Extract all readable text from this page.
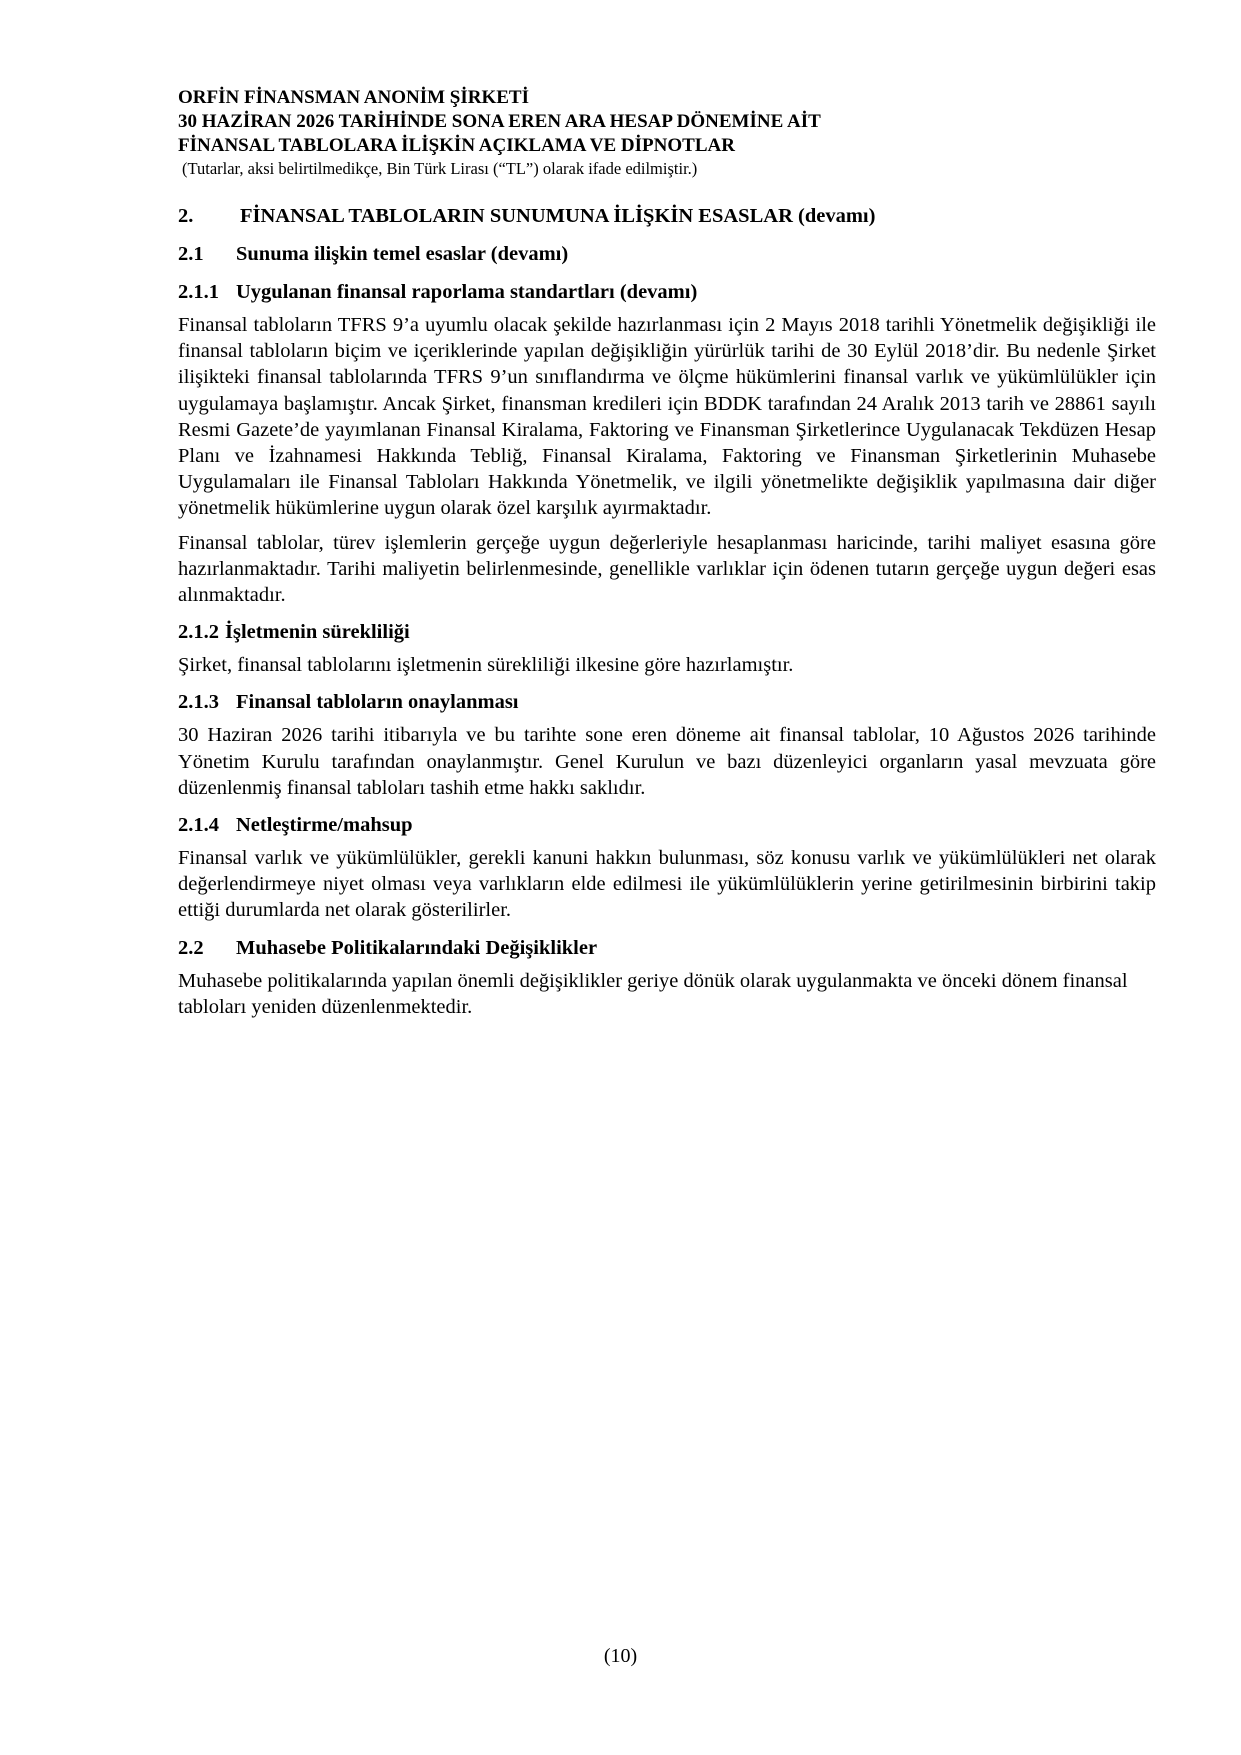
ORFİN FİNANSMAN ANONİM ŞİRKETİ

30 HAZİRAN 2026 TARİHİNDE SONA EREN ARA HESAP DÖNEMİNE AİT

FİNANSAL TABLOLARA İLİŞKİN AÇIKLAMA VE DİPNOTLAR

(Tutarlar, aksi belirtilmedikçe, Bin Türk Lirası (“TL”) olarak ifade edilmiştir.)

2.	FİNANSAL TABLOLARIN SUNUMUNA İLİŞKİN ESASLAR (devamı)
2.1	Sunuma ilişkin temel esaslar (devamı)
2.1.1 Uygulanan finansal raporlama standartları (devamı)

Finansal tabloların TFRS 9’a uyumlu olacak şekilde hazırlanması için 2 Mayıs 2018 tarihli Yönetmelik değişikliği ile finansal tabloların biçim ve içeriklerinde yapılan değişikliğin yürürlük tarihi de 30 Eylül 2018’dir. Bu nedenle Şirket ilişikteki finansal tablolarında TFRS 9’un sınıflandırma ve ölçme hükümlerini finansal varlık ve yükümlülükler için uygulamaya başlamıştır. Ancak Şirket, finansman kredileri için BDDK tarafından 24 Aralık 2013 tarih ve 28861 sayılı Resmi Gazete’de yayımlanan Finansal Kiralama, Faktoring ve Finansman Şirketlerince Uygulanacak Tekdüzen Hesap Planı ve İzahnamesi Hakkında Tebliğ, Finansal Kiralama, Faktoring ve Finansman Şirketlerinin Muhasebe Uygulamaları ile Finansal Tabloları Hakkında Yönetmelik, ve ilgili yönetmelikte değişiklik yapılmasına dair diğer yönetmelik hükümlerine uygun olarak özel karşılık ayırmaktadır.

Finansal tablolar, türev işlemlerin gerçeğe uygun değerleriyle hesaplanması haricinde, tarihi maliyet esasına göre hazırlanmaktadır. Tarihi maliyetin belirlenmesinde, genellikle varlıklar için ödenen tutarın gerçeğe uygun değeri esas alınmaktadır.

2.1.2 İşletmenin sürekliliği

Şirket, finansal tablolarını işletmenin sürekliliği ilkesine göre hazırlamıştır.

2.1.3 Finansal tabloların onaylanması

30 Haziran 2026 tarihi itibarıyla ve bu tarihte sone eren döneme ait finansal tablolar, 10 Ağustos 2026 tarihinde Yönetim Kurulu tarafından onaylanmıştır. Genel Kurulun ve bazı düzenleyici organların yasal mevzuata göre düzenlenmiş finansal tabloları tashih etme hakkı saklıdır.

2.1.4 Netleştirme/mahsup

Finansal varlık ve yükümlülükler, gerekli kanuni hakkın bulunması, söz konusu varlık ve yükümlülükleri net olarak değerlendirmeye niyet olması veya varlıkların elde edilmesi ile yükümlülüklerin yerine getirilmesinin birbirini takip ettiği durumlarda net olarak gösterilirler.

2.2	Muhasebe Politikalarındaki Değişiklikler

Muhasebe politikalarında yapılan önemli değişiklikler geriye dönük olarak uygulanmakta ve önceki dönem finansal tabloları yeniden düzenlenmektedir.

(10)
